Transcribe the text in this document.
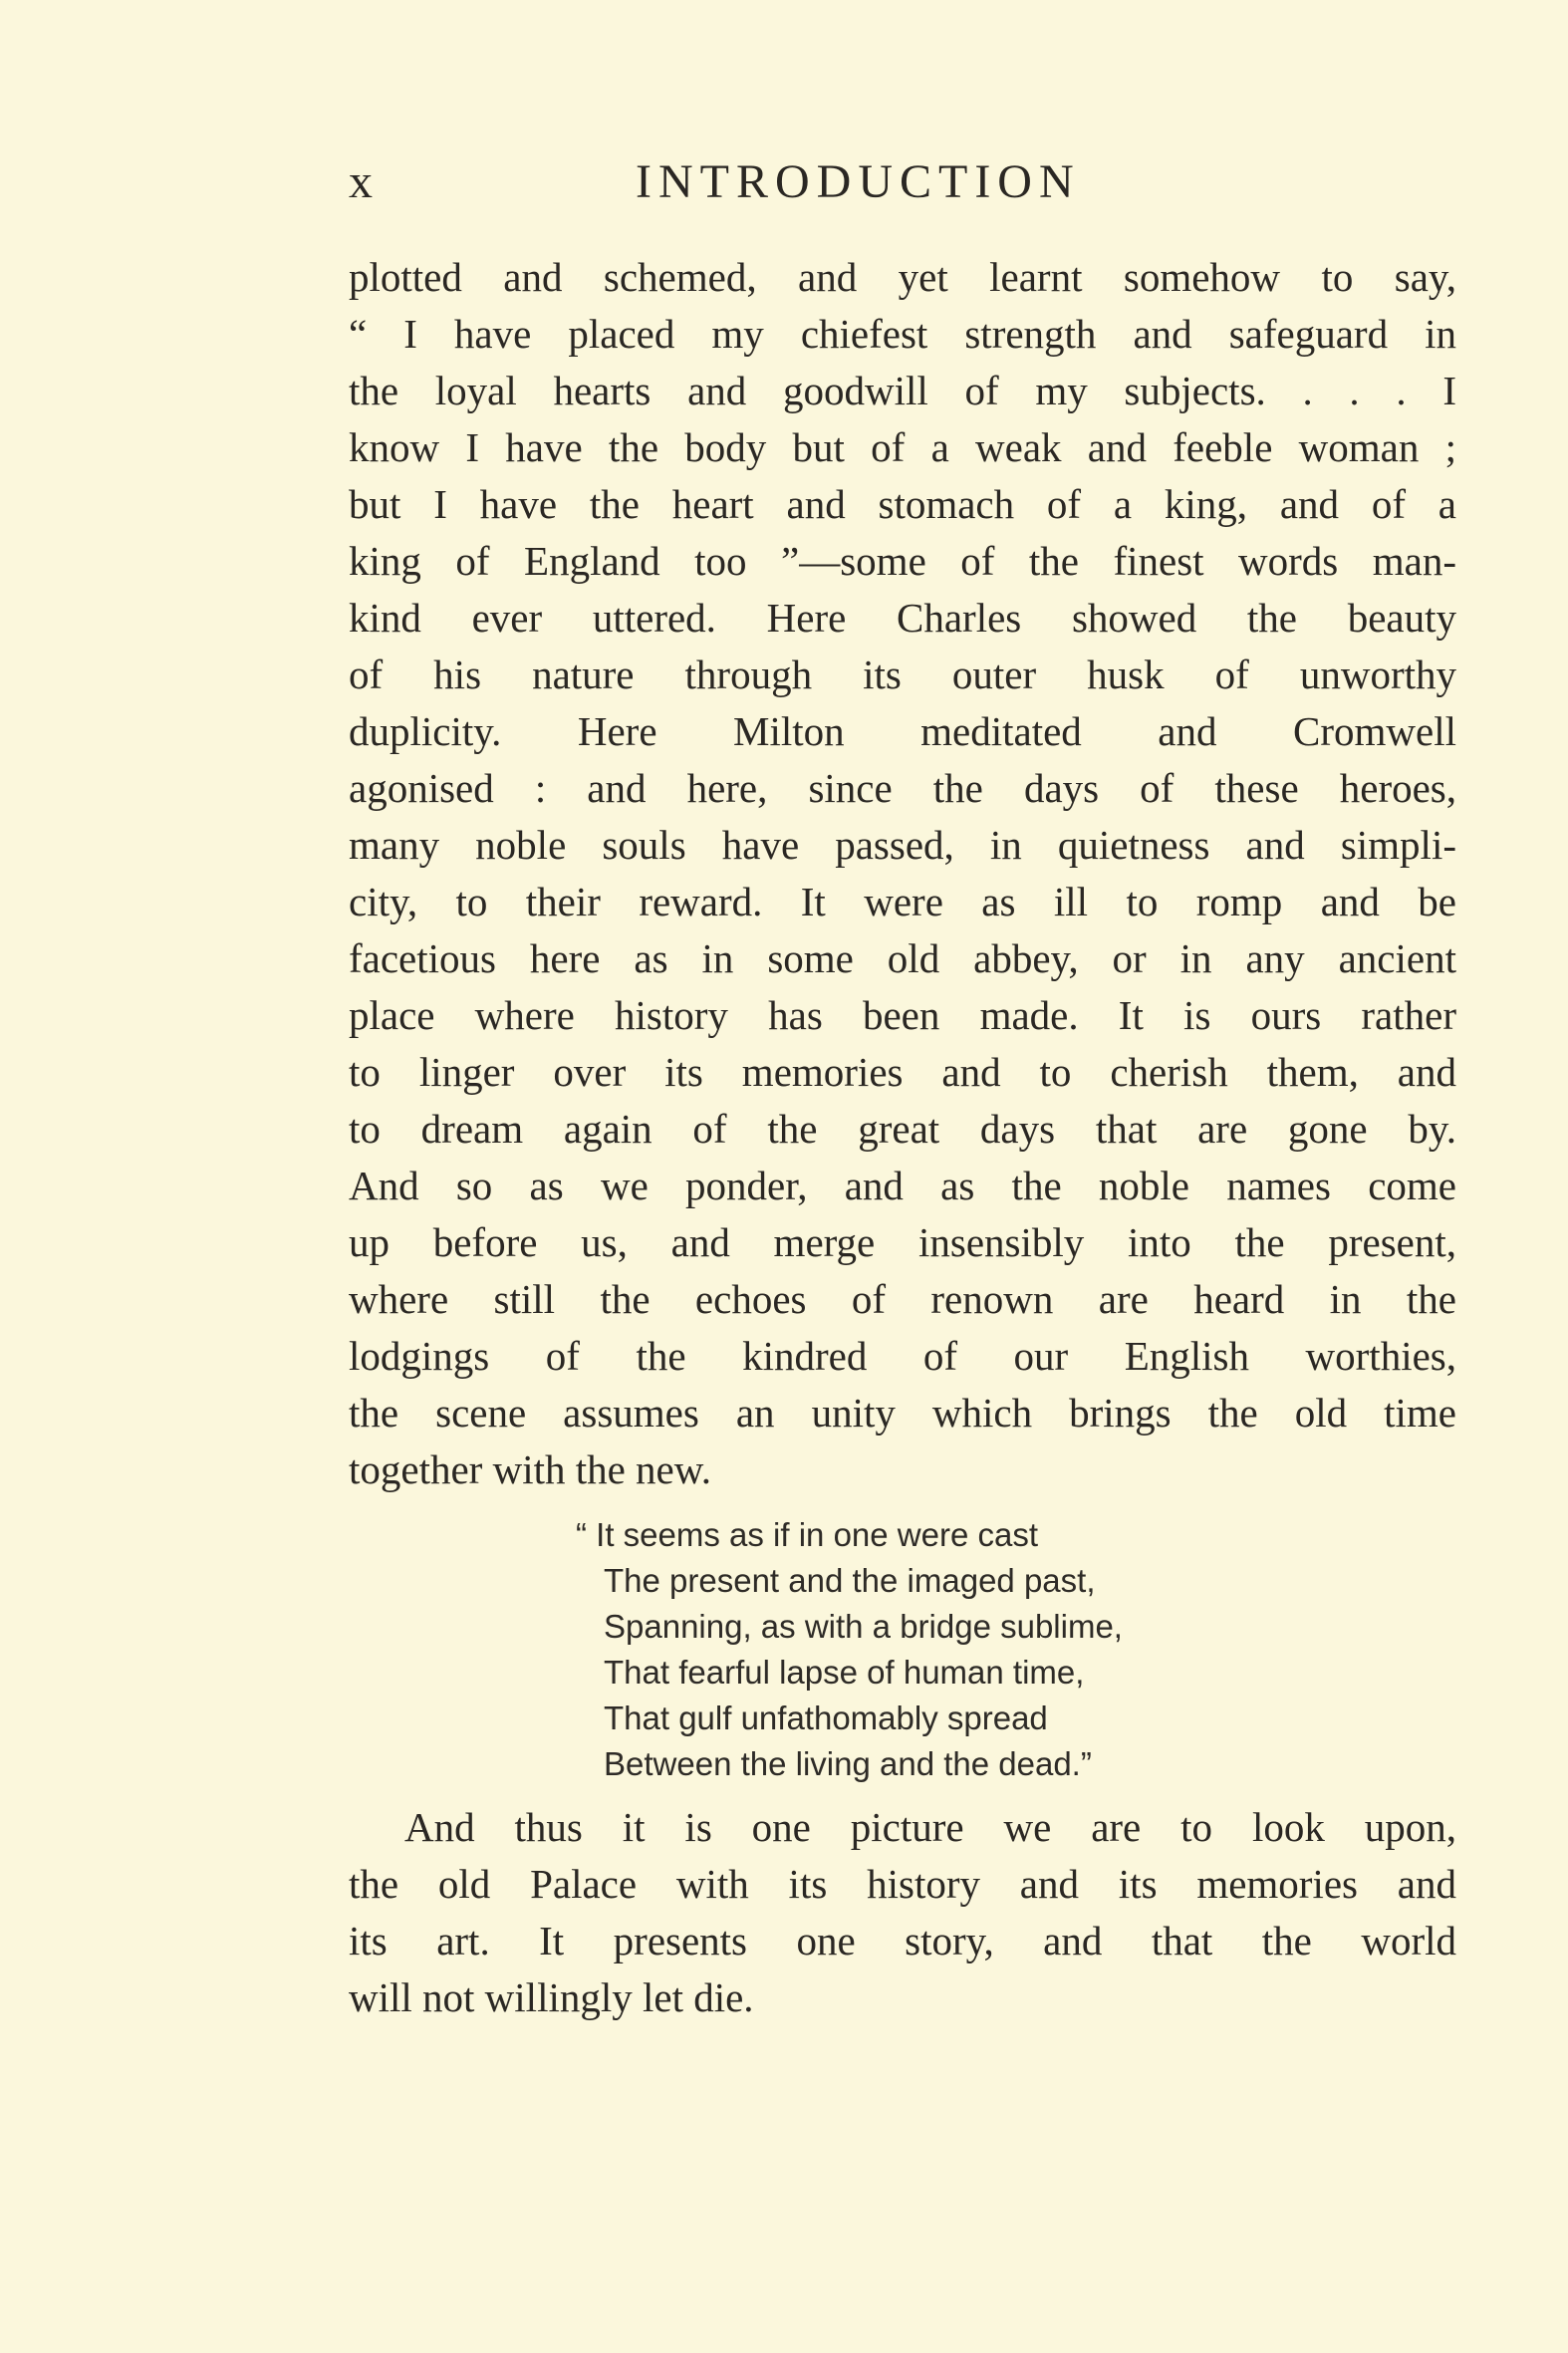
x	INTRODUCTION
plotted and schemed, and yet learnt somehow to say,
“ I have placed my chiefest strength and safeguard in
the loyal hearts and goodwill of my subjects. . . . I
know I have the body but of a weak and feeble woman ;
but I have the heart and stomach of a king, and of a
king of England too ”—some of the finest words man-
kind ever uttered. Here Charles showed the beauty
of his nature through its outer husk of unworthy
duplicity. Here Milton meditated and Cromwell
agonised : and here, since the days of these heroes,
many noble souls have passed, in quietness and simpli-
city, to their reward. It were as ill to romp and be
facetious here as in some old abbey, or in any ancient
place where history has been made. It is ours rather
to linger over its memories and to cherish them, and
to dream again of the great days that are gone by.
And so as we ponder, and as the noble names come
up before us, and merge insensibly into the present,
where still the echoes of renown are heard in the
lodgings of the kindred of our English worthies,
the scene assumes an unity which brings the old time
together with the new.
“ It seems as if in one were cast
The present and the imaged past,
Spanning, as with a bridge sublime,
That fearful lapse of human time,
That gulf unfathomably spread
Between the living and the dead.”
And thus it is one picture we are to look upon,
the old Palace with its history and its memories and
its art. It presents one story, and that the world
will not willingly let die.
